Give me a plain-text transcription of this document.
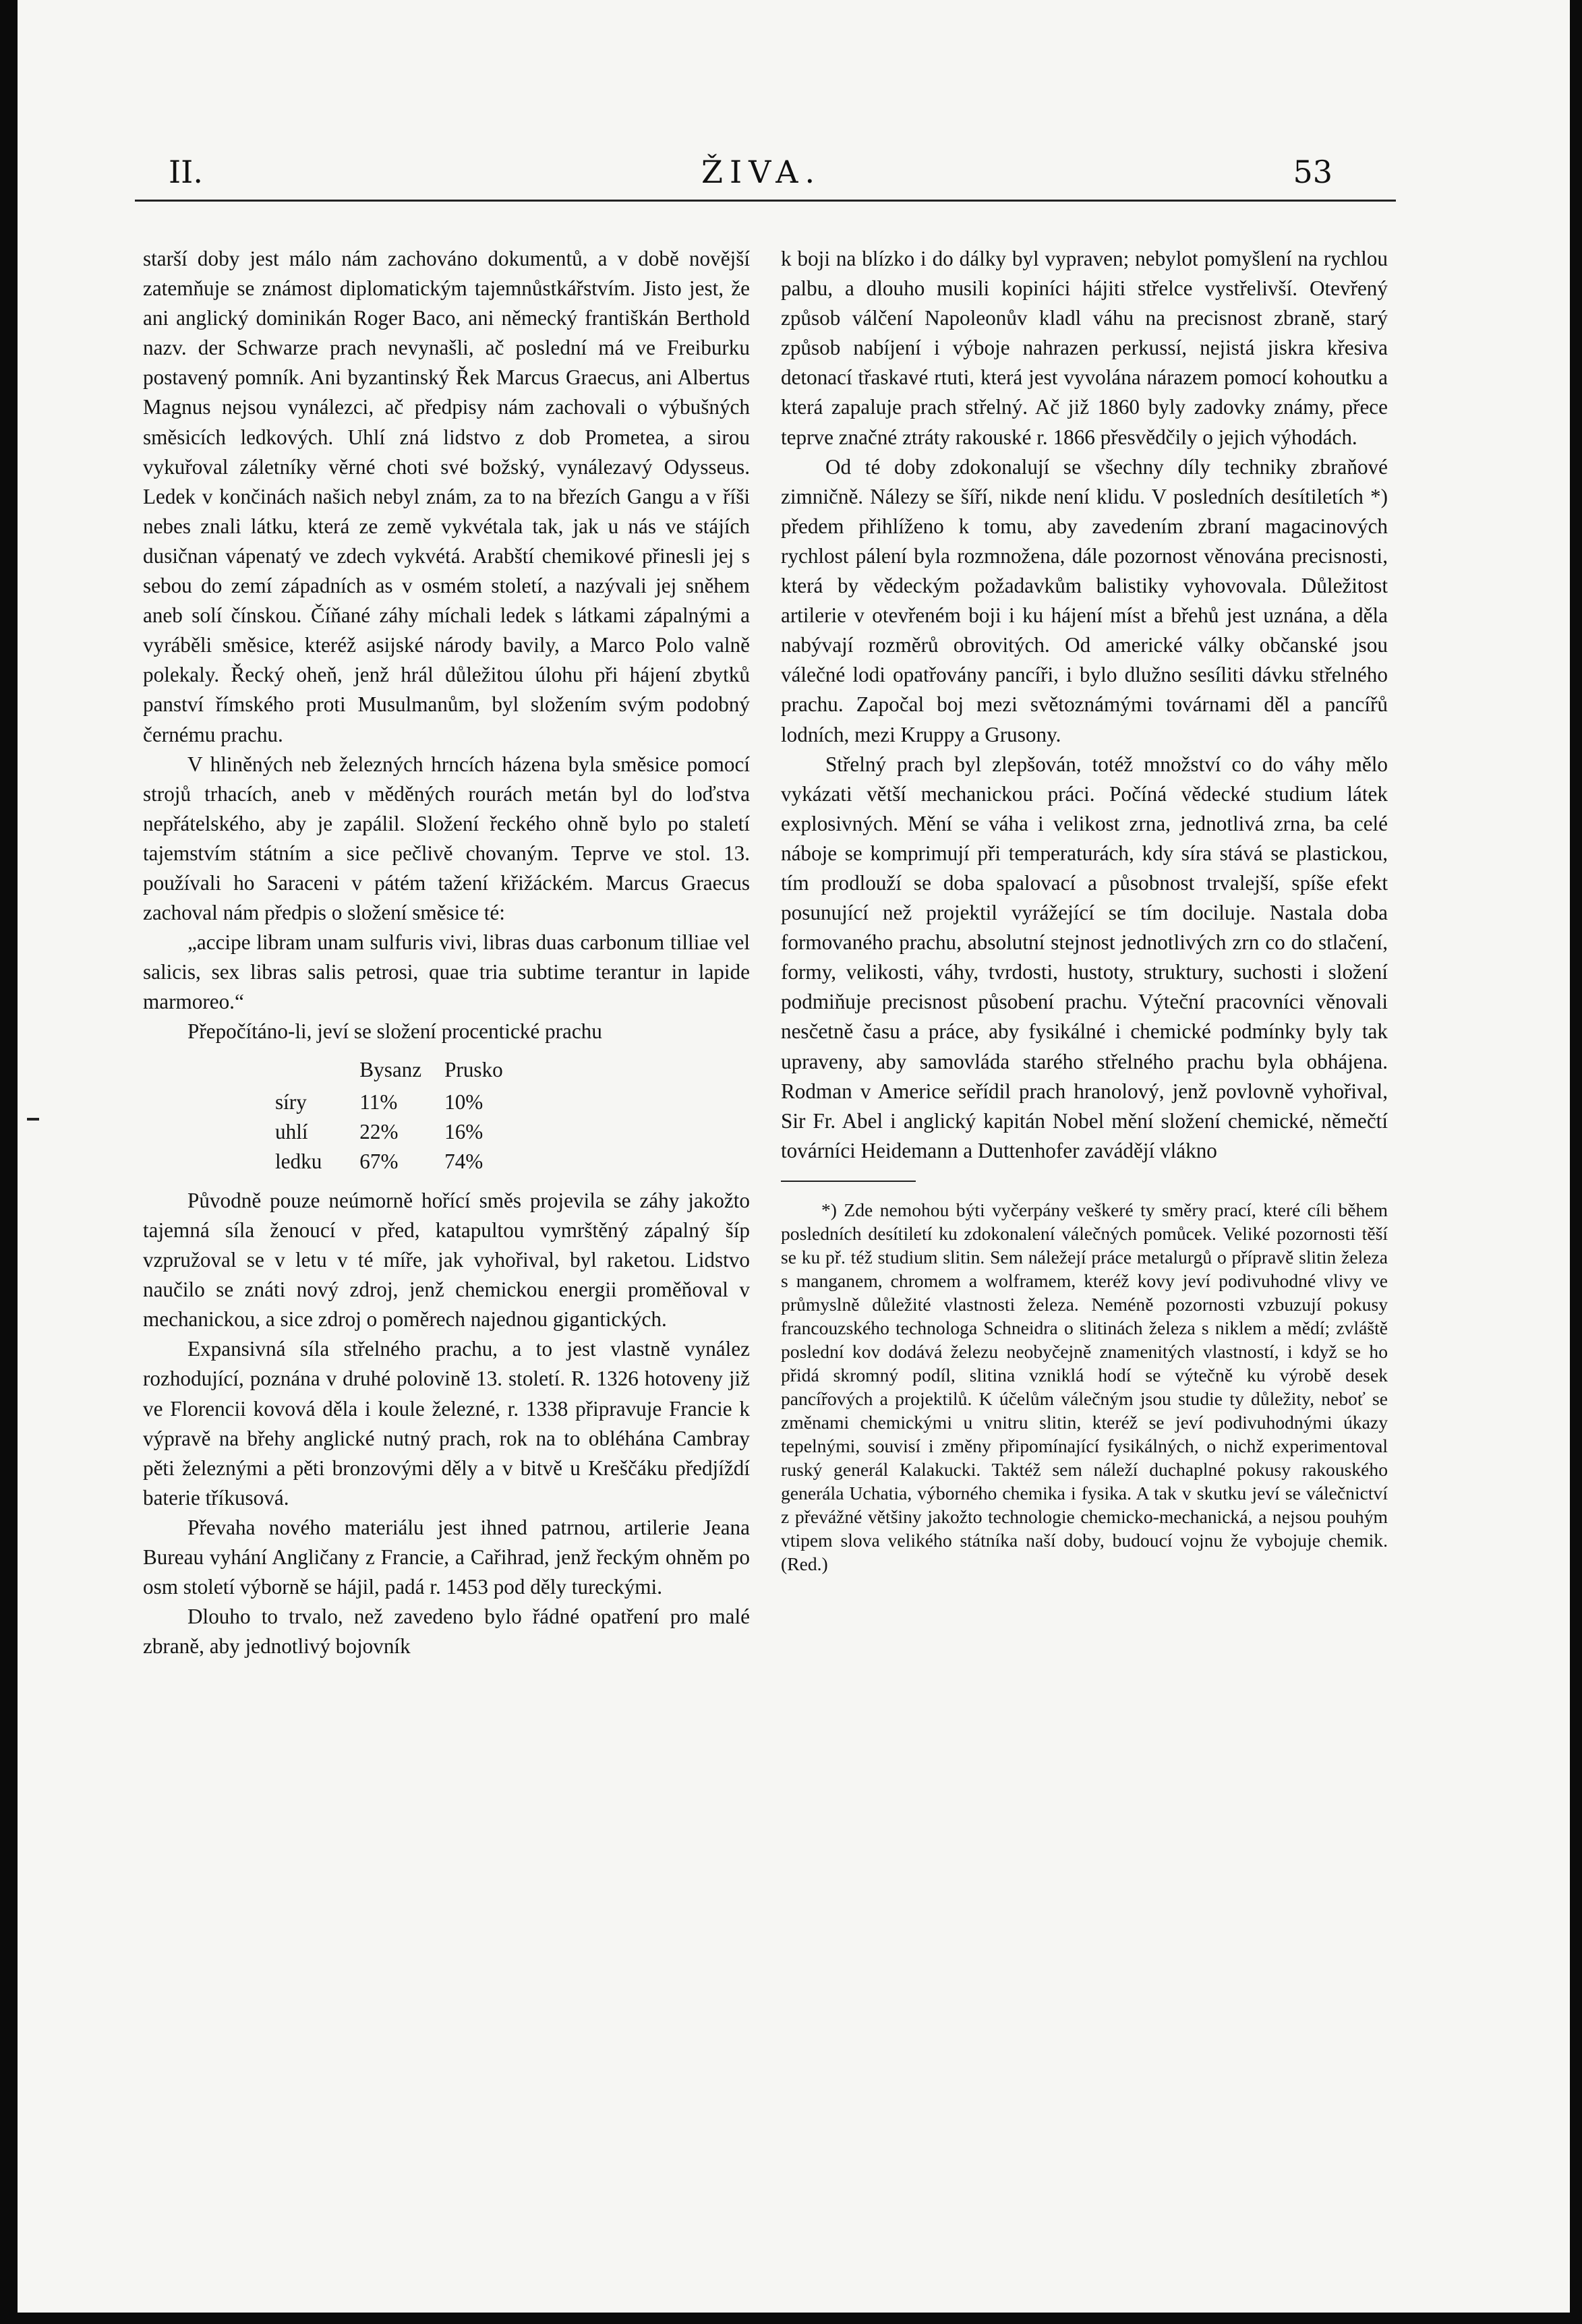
II.	ŽIVA.	53

starší doby jest málo nám zachováno dokumentů, a v době novější zatemňuje se známost diplomatickým tajemnůstkářstvím. Jisto jest, že ani anglický dominikán Roger Baco, ani německý františkán Berthold nazv. der Schwarze prach nevynašli, ač poslední má ve Freiburku postavený pomník. Ani byzantinský Řek Marcus Graecus, ani Albertus Magnus nejsou vynálezci, ač předpisy nám zachovali o výbušných směsicích ledkových. Uhlí zná lidstvo z dob Prometea, a sirou vykuřoval záletníky věrné choti své božský, vynálezavý Odysseus. Ledek v končinách našich nebyl znám, za to na březích Gangu a v říši nebes znali látku, která ze země vykvétala tak, jak u nás ve stájích dusičnan vápenatý ve zdech vykvétá. Arabští chemikové přinesli jej s sebou do zemí západních as v osmém století, a nazývali jej sněhem aneb solí čínskou. Číňané záhy míchali ledek s látkami zápalnými a vyráběli směsice, kteréž asijské národy bavily, a Marco Polo valně polekaly. Řecký oheň, jenž hrál důležitou úlohu při hájení zbytků panství římského proti Musulmanům, byl složením svým podobný černému prachu.

V hliněných neb železných hrncích házena byla směsice pomocí strojů trhacích, aneb v měděných rourách metán byl do loďstva nepřátelského, aby je zapálil. Složení řeckého ohně bylo po staletí tajemstvím státním a sice pečlivě chovaným. Teprve ve stol. 13. používali ho Saraceni v pátém tažení křižáckém. Marcus Graecus zachoval nám předpis o složení směsice té:

„accipe libram unam sulfuris vivi, libras duas carbonum tilliae vel salicis, sex libras salis petrosi, quae tria subtime terantur in lapide marmoreo.“

Přepočítáno-li, jeví se složení procentické prachu

	Bysanz	Prusko
síry	11%	10%
uhlí	22%	16%
ledku	67%	74%

Původně pouze neúmorně hořící směs projevila se záhy jakožto tajemná síla ženoucí v před, katapultou vymrštěný zápalný šíp vzpružoval se v letu v té míře, jak vyhořival, byl raketou. Lidstvo naučilo se znáti nový zdroj, jenž chemickou energii proměňoval v mechanickou, a sice zdroj o poměrech najednou gigantických.

Expansivná síla střelného prachu, a to jest vlastně vynález rozhodující, poznána v druhé polovině 13. století. R. 1326 hotoveny již ve Florencii kovová děla i koule železné, r. 1338 připravuje Francie k výpravě na břehy anglické nutný prach, rok na to obléhána Cambray pěti železnými a pěti bronzovými děly a v bitvě u Kreščáku předjíždí baterie tříkusová.

Převaha nového materiálu jest ihned patrnou, artilerie Jeana Bureau vyhání Angličany z Francie, a Cařihrad, jenž řeckým ohněm po osm století výborně se hájil, padá r. 1453 pod děly tureckými.

Dlouho to trvalo, než zavedeno bylo řádné opatření pro malé zbraně, aby jednotlivý bojovník

k boji na blízko i do dálky byl vypraven; nebylot pomyšlení na rychlou palbu, a dlouho musili kopiníci hájiti střelce vystřelivší. Otevřený způsob válčení Napoleonův kladl váhu na precisnost zbraně, starý způsob nabíjení i výboje nahrazen perkussí, nejistá jiskra křesiva detonací třaskavé rtuti, která jest vyvolána nárazem pomocí kohoutku a která zapaluje prach střelný. Ač již 1860 byly zadovky známy, přece teprve značné ztráty rakouské r. 1866 přesvědčily o jejich výhodách.

Od té doby zdokonalují se všechny díly techniky zbraňové zimničně. Nálezy se šíří, nikde není klidu. V posledních desítiletích *) předem přihlíženo k tomu, aby zavedením zbraní magacinových rychlost pálení byla rozmnožena, dále pozornost věnována precisnosti, která by vědeckým požadavkům balistiky vyhovovala. Důležitost artilerie v otevřeném boji i ku hájení míst a břehů jest uznána, a děla nabývají rozměrů obrovitých. Od americké války občanské jsou válečné lodi opatřovány pancíři, i bylo dlužno sesíliti dávku střelného prachu. Započal boj mezi světoznámými továrnami děl a pancířů lodních, mezi Kruppy a Grusony.

Střelný prach byl zlepšován, totéž množství co do váhy mělo vykázati větší mechanickou práci. Počíná vědecké studium látek explosivných. Mění se váha i velikost zrna, jednotlivá zrna, ba celé náboje se komprimují při temperaturách, kdy síra stává se plastickou, tím prodlouží se doba spalovací a působnost trvalejší, spíše efekt posunující než projektil vyrážející se tím dociluje. Nastala doba formovaného prachu, absolutní stejnost jednotlivých zrn co do stlačení, formy, velikosti, váhy, tvrdosti, hustoty, struktury, suchosti i složení podmiňuje precisnost působení prachu. Výteční pracovníci věnovali nesčetně času a práce, aby fysikálné i chemické podmínky byly tak upraveny, aby samovláda starého střelného prachu byla obhájena. Rodman v Americe seřídil prach hranolový, jenž povlovně vyhořival, Sir Fr. Abel i anglický kapitán Nobel mění složení chemické, němečtí továrníci Heidemann a Duttenhofer zavádějí vlákno

*) Zde nemohou býti vyčerpány veškeré ty směry prací, které cíli během posledních desítiletí ku zdokonalení válečných pomůcek. Veliké pozornosti těší se ku př. též studium slitin. Sem náležejí práce metalurgů o přípravě slitin železa s manganem, chromem a wolframem, kteréž kovy jeví podivuhodné vlivy ve průmyslně důležité vlastnosti železa. Neméně pozornosti vzbuzují pokusy francouzského technologa Schneidra o slitinách železa s niklem a mědí; zvláště poslední kov dodává železu neobyčejně znamenitých vlastností, i když se ho přidá skromný podíl, slitina vzniklá hodí se výtečně ku výrobě desek pancířových a projektilů. K účelům válečným jsou studie ty důležity, neboť se změnami chemickými u vnitru slitin, kteréž se jeví podivuhodnými úkazy tepelnými, souvisí i změny připomínající fysikálných, o nichž experimentoval ruský generál Kalakucki. Taktéž sem náleží duchaplné pokusy rakouského generála Uchatia, výborného chemika i fysika. A tak v skutku jeví se válečnictví z převážné většiny jakožto technologie chemicko-mechanická, a nejsou pouhým vtipem slova velikého státníka naší doby, budoucí vojnu že vybojuje chemik. (Red.)
